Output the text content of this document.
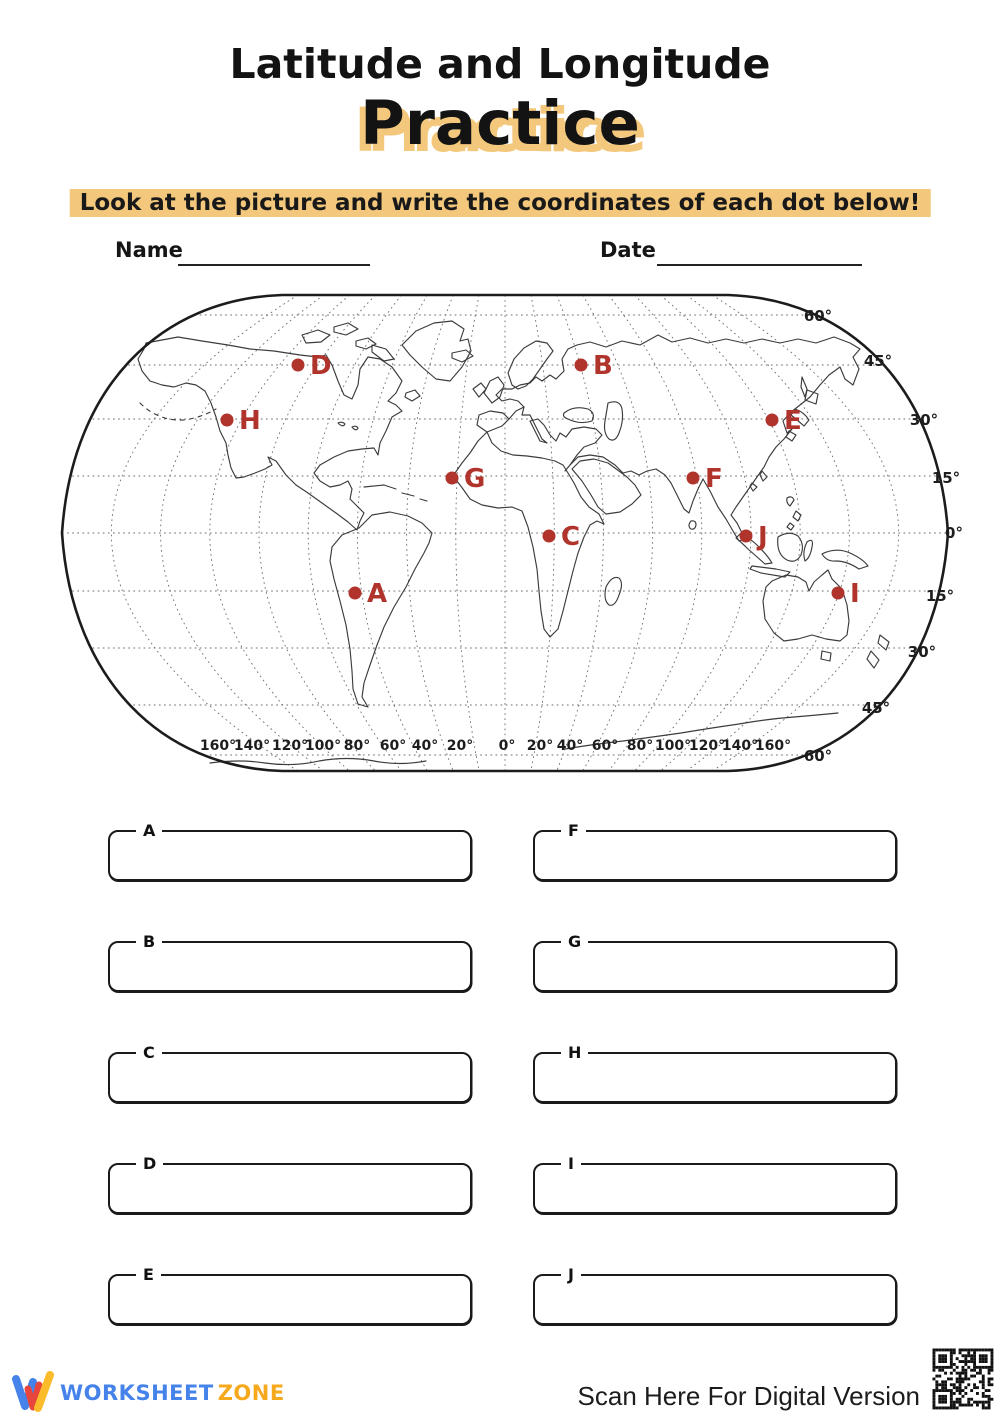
Latitude and Longitude
Practice
Look at the picture and write the coordinates of each dot below!
Name	Date
60°
45°
30°
15°
0°
15°
30°
45°
60°
160°
140° 120°
100° 80° 60° 40° 20° 0° 20° 40° 60° 80° 100°
120°
140°
160°
A
B
C
D
E
F
G
H
I
J
A
B
C
D
E
F
G
H
I
J
WORKSHEET ZONE	Scan Here For Digital Version
